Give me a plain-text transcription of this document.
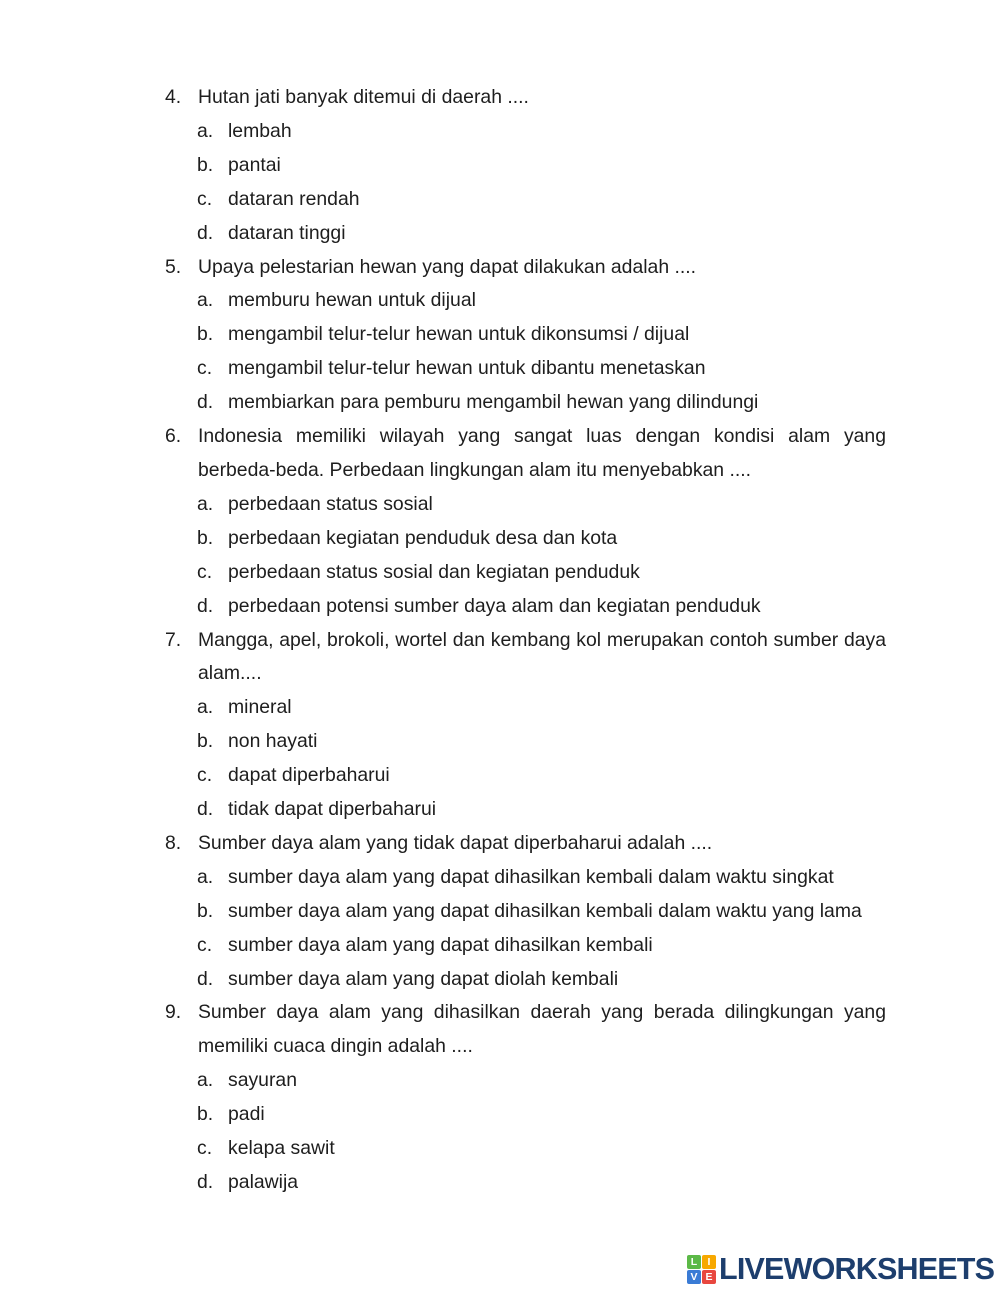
4. Hutan jati banyak ditemui di daerah ....

a. lembah
b. pantai
c. dataran rendah
d. dataran tinggi
5. Upaya pelestarian hewan yang dapat dilakukan adalah ....

a. memburu hewan untuk dijual
b. mengambil telur-telur hewan untuk dikonsumsi / dijual
c. mengambil telur-telur hewan untuk dibantu menetaskan
d. membiarkan para pemburu mengambil hewan yang dilindungi
6. Indonesia memiliki wilayah yang sangat luas dengan kondisi alam yang berbeda-beda. Perbedaan lingkungan alam itu menyebabkan ....

a. perbedaan status sosial
b. perbedaan kegiatan penduduk desa dan kota
c. perbedaan status sosial dan kegiatan penduduk
d. perbedaan potensi sumber daya alam dan kegiatan penduduk
7. Mangga, apel, brokoli, wortel dan kembang kol merupakan contoh sumber daya alam....

a. mineral
b. non hayati
c. dapat diperbaharui
d. tidak dapat diperbaharui
8. Sumber daya alam yang tidak dapat diperbaharui adalah ....

a. sumber daya alam yang dapat dihasilkan kembali dalam waktu singkat
b. sumber daya alam yang dapat dihasilkan kembali dalam waktu yang lama
c. sumber daya alam yang dapat dihasilkan kembali
d. sumber daya alam yang dapat diolah kembali
9. Sumber daya alam yang dihasilkan daerah yang berada dilingkungan yang memiliki cuaca dingin adalah ....

a. sayuran
b. padi
c. kelapa sawit
d. palawija
L I
V E LIVEWORKSHEETS
